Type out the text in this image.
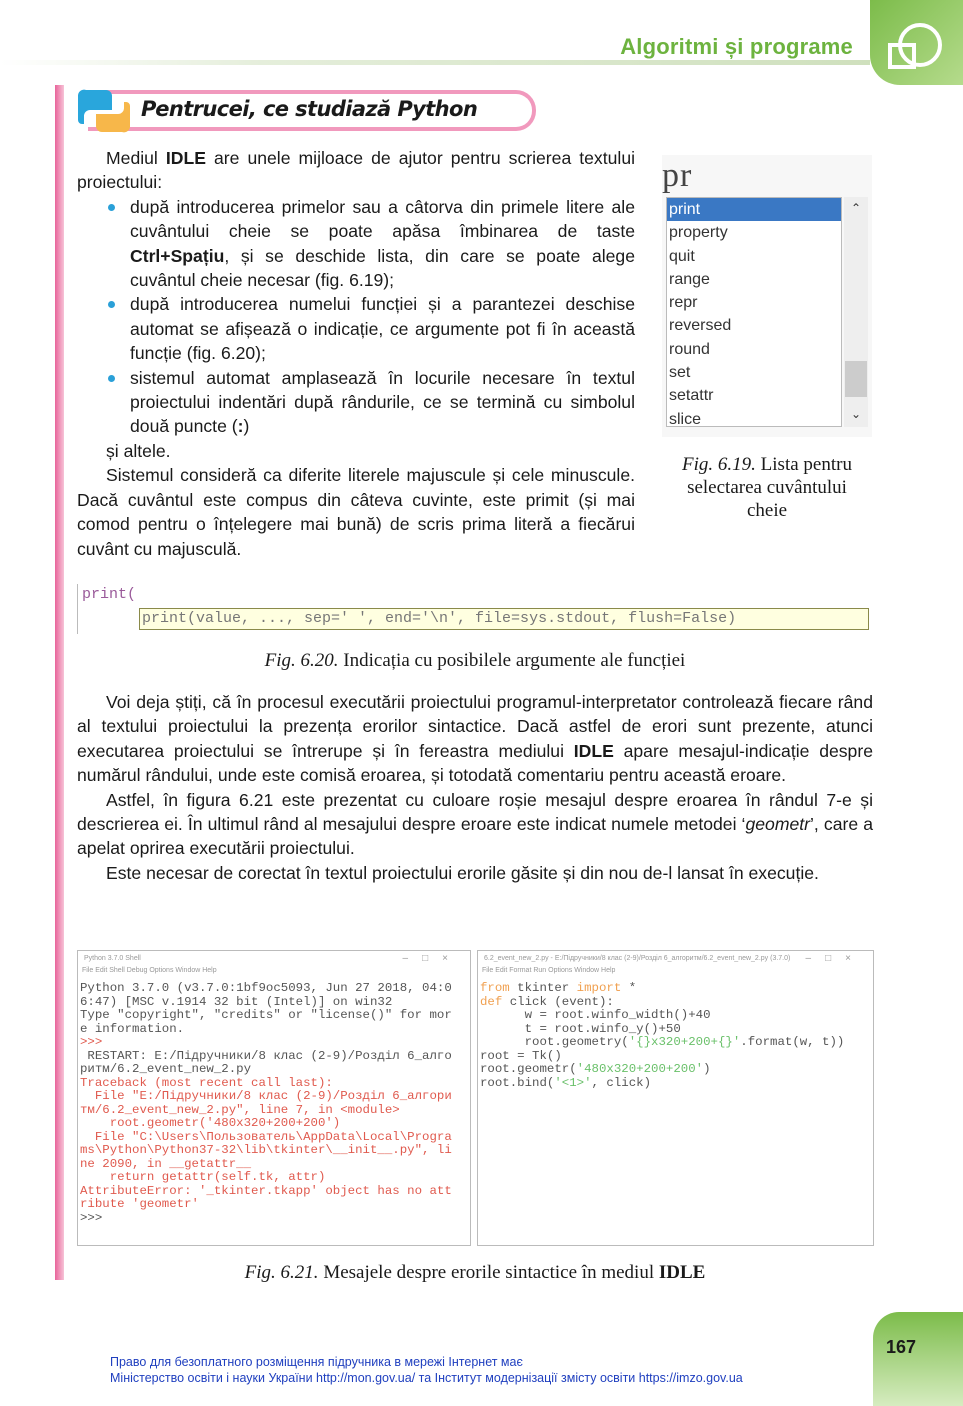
Algoritmi și programe
Pentrucei, ce studiază Python

Mediul IDLE are unele mijloace de ajutor pentru scrierea textului proiectului:

după introducerea primelor sau a câtorva din primele litere ale cuvântului cheie se poate apăsa îmbinarea de taste Ctrl+Spațiu, și se deschide lista, din care se poate alege cuvântul cheie necesar (fig. 6.19);
după introducerea numelui funcției și a parantezei deschise automat se afișează o indicație, ce argumente pot fi în această funcție (fig. 6.20);
sistemul automat amplasează în locurile necesare în textul proiectului indentări după rândurile, ce se termină cu simbolul două puncte (:)

și altele.

Sistemul consideră ca diferite literele majuscule și cele minuscule. Dacă cuvântul este compus din câteva cuvinte, este primit (și mai comod pentru o înțelegere mai bună) de scris prima literă a fiecărui cuvânt cu majusculă.

pr
print
property
quit
range
repr
reversed
round
set
setattr
slice
⌃
⌄
Fig. 6.19. Lista pentru selectarea cuvântului cheie
print(
print(value, ..., sep=' ', end='\n', file=sys.stdout, flush=False)
Fig. 6.20. Indicația cu posibilele argumente ale funcției

Voi deja știți, că în procesul executării proiectului programul-interpretator controlează fiecare rând al textului proiectului la prezența erorilor sintactice. Dacă astfel de erori sunt prezente, atunci executarea proiectului se întrerupe și în fereastra mediului IDLE apare mesajul-indicație despre numărul rândului, unde este comisă eroarea, și totodată comentariu pentru această eroare.

Astfel, în figura 6.21 este prezentat cu culoare roșie mesajul despre eroarea în rândul 7-e și descrierea ei. În ultimul rând al mesajului despre eroare este indicat numele metodei ‘geometr’, care a apelat oprirea executării proiectului.

Este necesar de corectat în textul proiectului erorile găsite și din nou de-l lansat în execuție.

Python 3.7.0 Shell	–□×
File Edit Shell Debug Options Window Help
Python 3.7.0 (v3.7.0:1bf9oc5093, Jun 27 2018, 04:0
6:47) [MSC v.1914 32 bit (Intel)] on win32
Type "copyright", "credits" or "license()" for mor
e information.
>>>
RESTART: E:/Підручники/8 клас (2-9)/Розділ 6_алго
ритм/6.2_event_new_2.py
Traceback (most recent call last):
File "E:/Підручники/8 клас (2-9)/Розділ 6_алгори
тм/6.2_event_new_2.py", line 7, in <module>
root.geometr('480x320+200+200')
File "C:\Users\Пользователь\AppData\Local\Progra
ms\Python\Python37-32\lib\tkinter\__init__.py", li
ne 2090, in __getattr__
return getattr(self.tk, attr)
AttributeError: '_tkinter.tkapp' object has no att
ribute 'geometr'
>>>
6.2_event_new_2.py - E:/Підручники/8 клас (2-9)/Розділ 6_алгоритм/6.2_event_new_2.py (3.7.0) –□×
File Edit Format Run Options Window Help
from tkinter import *
def click (event):
w = root.winfo_width()+40
t = root.winfo_y()+50
root.geometry('{}x320+200+{}'.format(w, t))
root = Tk()
root.geometr('480x320+200+200')
root.bind('<1>', click)
Fig. 6.21. Mesajele despre erorile sintactice în mediul IDLE
Право для безоплатного розміщення підручника в мережі Інтернет має
Міністерство освіти і науки України http://mon.gov.ua/ та Інститут модернізації змісту освіти https://imzo.gov.ua
167
